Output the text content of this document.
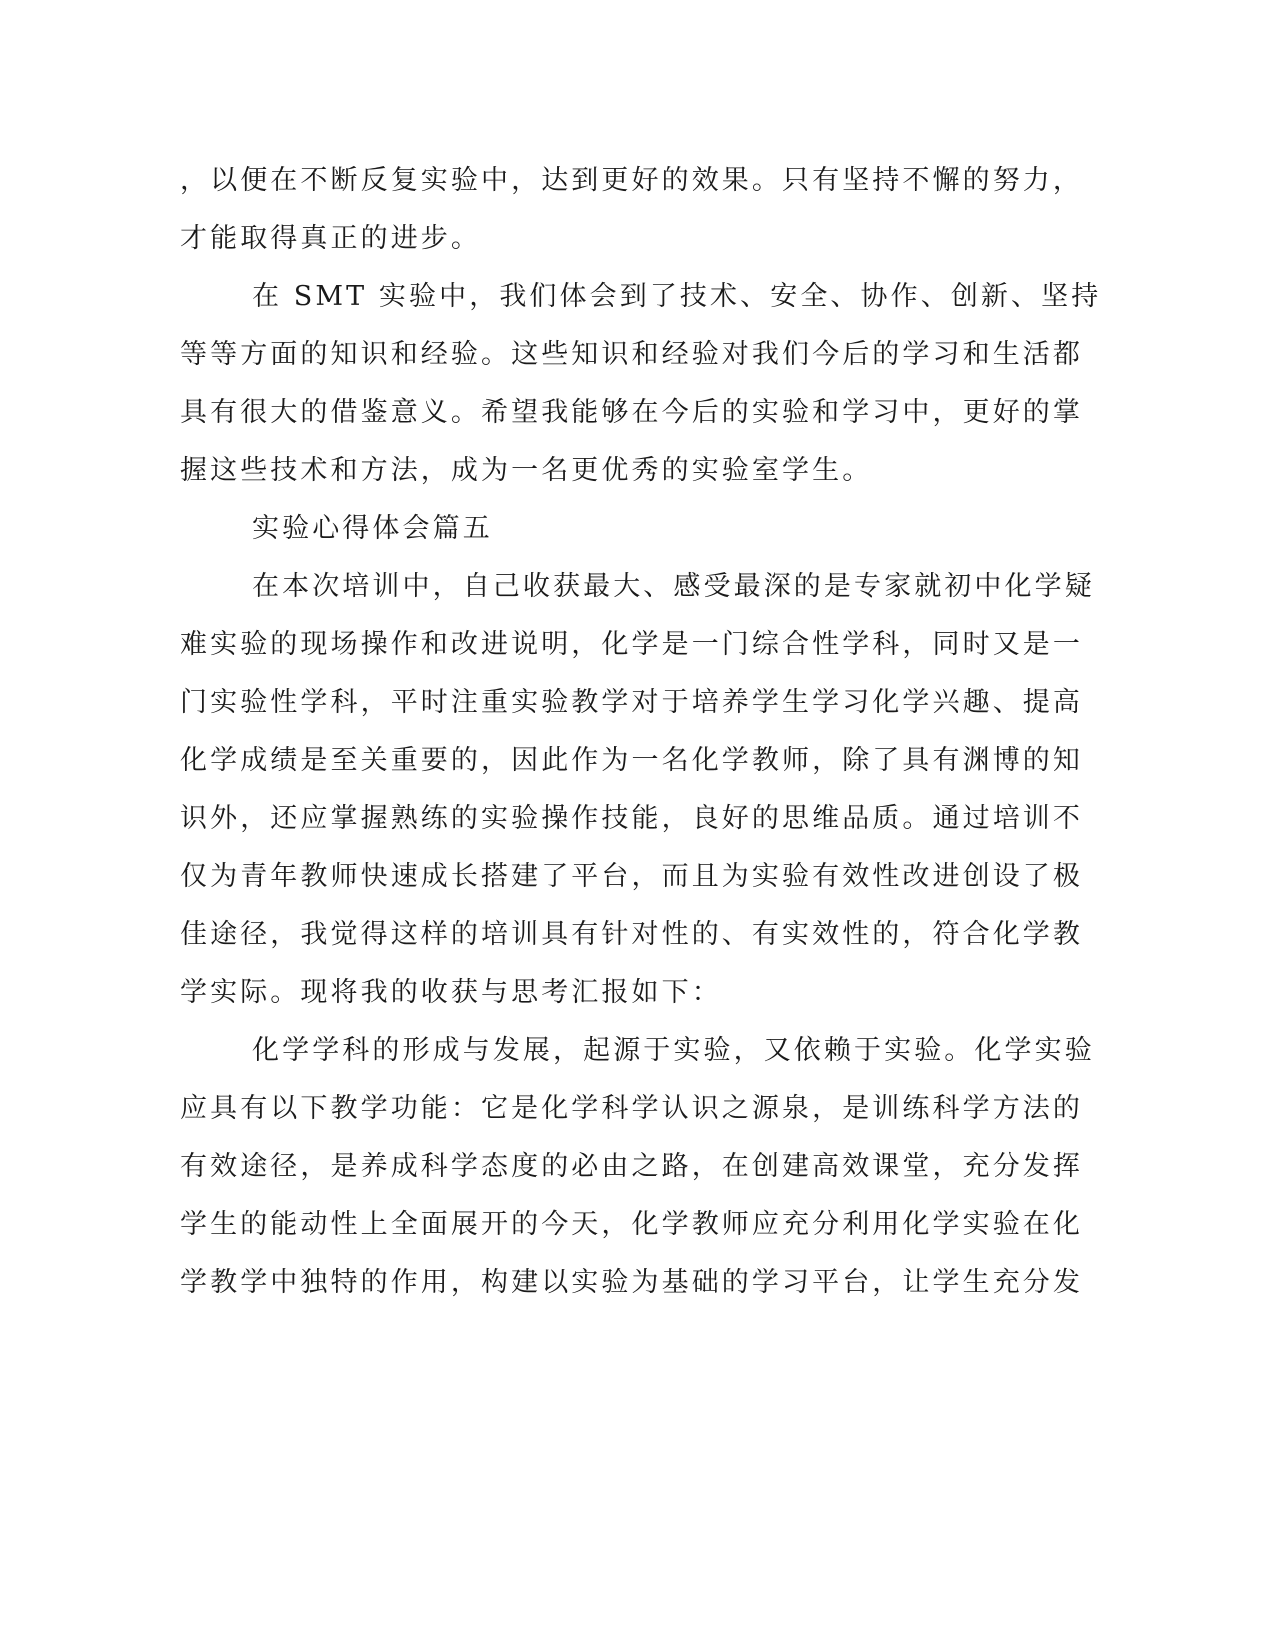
，以便在不断反复实验中，达到更好的效果。只有坚持不懈的努力，
才能取得真正的进步。
在 SMT 实验中，我们体会到了技术、安全、协作、创新、坚持
等等方面的知识和经验。这些知识和经验对我们今后的学习和生活都
具有很大的借鉴意义。希望我能够在今后的实验和学习中，更好的掌
握这些技术和方法，成为一名更优秀的实验室学生。
实验心得体会篇五
在本次培训中，自己收获最大、感受最深的是专家就初中化学疑
难实验的现场操作和改进说明，化学是一门综合性学科，同时又是一
门实验性学科，平时注重实验教学对于培养学生学习化学兴趣、提高
化学成绩是至关重要的，因此作为一名化学教师，除了具有渊博的知
识外，还应掌握熟练的实验操作技能，良好的思维品质。通过培训不
仅为青年教师快速成长搭建了平台，而且为实验有效性改进创设了极
佳途径，我觉得这样的培训具有针对性的、有实效性的，符合化学教
学实际。现将我的收获与思考汇报如下：
化学学科的形成与发展，起源于实验，又依赖于实验。化学实验
应具有以下教学功能：它是化学科学认识之源泉，是训练科学方法的
有效途径，是养成科学态度的必由之路，在创建高效课堂，充分发挥
学生的能动性上全面展开的今天，化学教师应充分利用化学实验在化
学教学中独特的作用，构建以实验为基础的学习平台，让学生充分发
